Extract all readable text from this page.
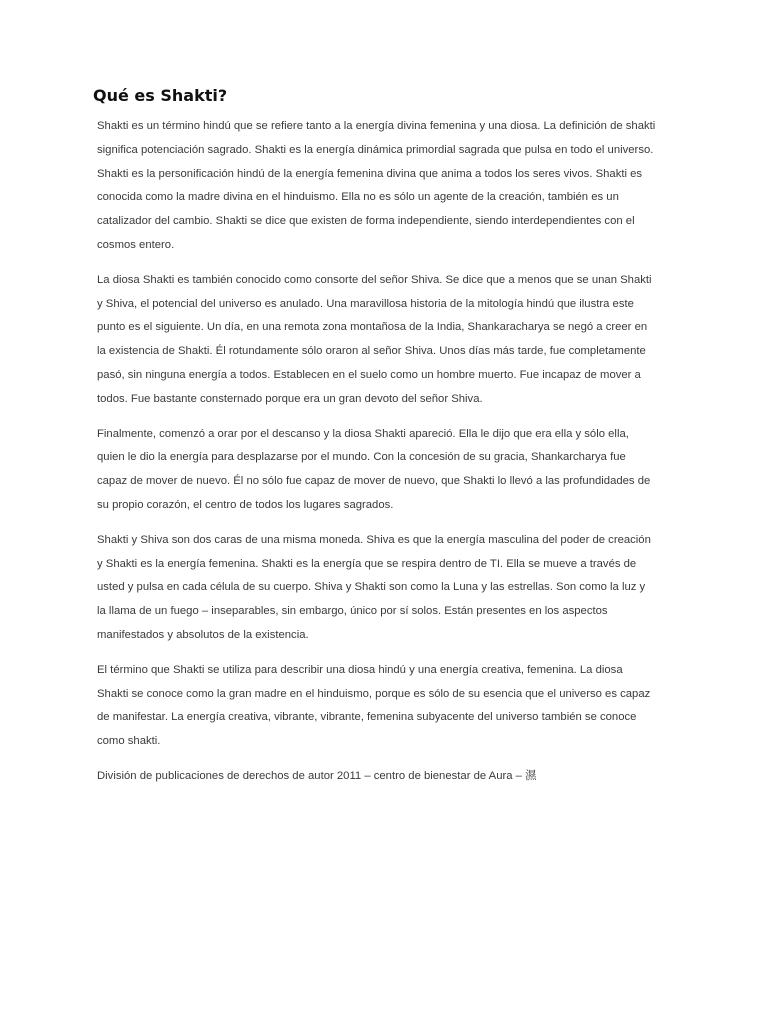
Qué es Shakti?

Shakti es un término hindú que se refiere tanto a la energía divina femenina y una diosa. La definición de shakti
significa potenciación sagrado. Shakti es la energía dinámica primordial sagrada que pulsa en todo el universo.
Shakti es la personificación hindú de la energía femenina divina que anima a todos los seres vivos. Shakti es
conocida como la madre divina en el hinduismo. Ella no es sólo un agente de la creación, también es un
catalizador del cambio. Shakti se dice que existen de forma independiente, siendo interdependientes con el
cosmos entero.

La diosa Shakti es también conocido como consorte del señor Shiva. Se dice que a menos que se unan Shakti
y Shiva, el potencial del universo es anulado. Una maravillosa historia de la mitología hindú que ilustra este
punto es el siguiente. Un día, en una remota zona montañosa de la India, Shankaracharya se negó a creer en
la existencia de Shakti. Él rotundamente sólo oraron al señor Shiva. Unos días más tarde, fue completamente
pasó, sin ninguna energía a todos. Establecen en el suelo como un hombre muerto. Fue incapaz de mover a
todos. Fue bastante consternado porque era un gran devoto del señor Shiva.

Finalmente, comenzó a orar por el descanso y la diosa Shakti apareció. Ella le dijo que era ella y sólo ella,
quien le dio la energía para desplazarse por el mundo. Con la concesión de su gracia, Shankarcharya fue
capaz de mover de nuevo. Él no sólo fue capaz de mover de nuevo, que Shakti lo llevó a las profundidades de
su propio corazón, el centro de todos los lugares sagrados.

Shakti y Shiva son dos caras de una misma moneda. Shiva es que la energía masculina del poder de creación
y Shakti es la energía femenina. Shakti es la energía que se respira dentro de TI. Ella se mueve a través de
usted y pulsa en cada célula de su cuerpo. Shiva y Shakti son como la Luna y las estrellas. Son como la luz y
la llama de un fuego – inseparables, sin embargo, único por sí solos. Están presentes en los aspectos
manifestados y absolutos de la existencia.

El término que Shakti se utiliza para describir una diosa hindú y una energía creativa, femenina. La diosa
Shakti se conoce como la gran madre en el hinduismo, porque es sólo de su esencia que el universo es capaz
de manifestar. La energía creativa, vibrante, vibrante, femenina subyacente del universo también se conoce
como shakti.

División de publicaciones de derechos de autor 2011 – centro de bienestar de Aura – 濕
